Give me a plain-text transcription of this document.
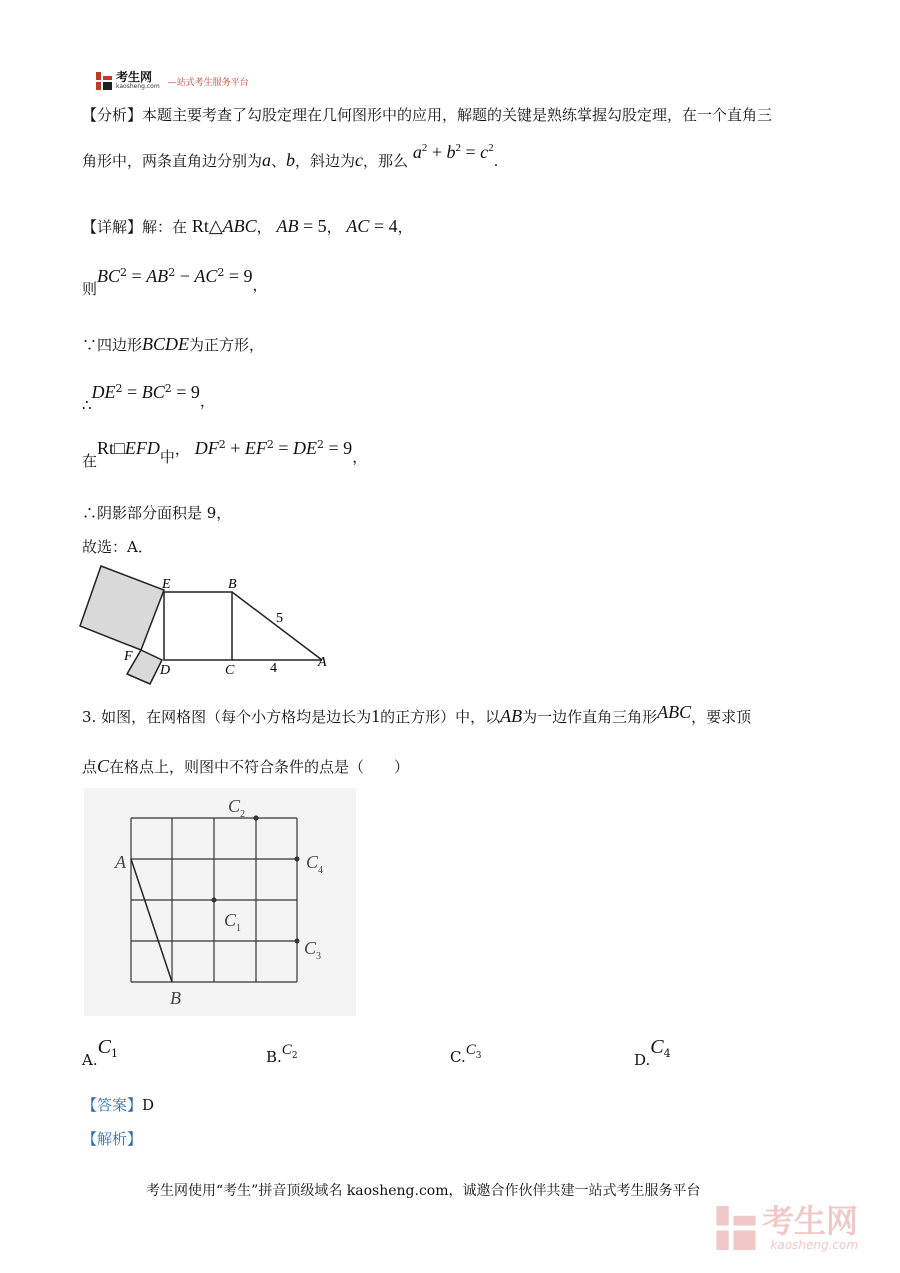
考生网
kaosheng.com —站式考生服务平台
【分析】本题主要考查了勾股定理在几何图形中的应用，解题的关键是熟练掌握勾股定理，在一个直角三
角形中，两条直角边分别为a、b，斜边为c，那么 $a^2 + b^2 = c^2$.
【详解】解：在 Rt△ABC， AB = 5， AC = 4，
则$BC^2 = AB^2 - AC^2 = 9$，
∵四边形BCDE为正方形，
$\therefore DE^2 = BC^2 = 9$，
在Rt□EFD中， $DF^2 + EF^2 = DE^2 = 9$，
∴阴影部分面积是 9，
故选：A．
E	B
F
D	C
A
5
4
3. 如图，在网格图（每个小方格均是边长为1的正方形）中，以AB为一边作直角三角形ABC，要求顶
点C在格点上，则图中不符合条件的点是（　　）
A
B
$C_1$
$C_2$
$C_3$
$C_4$
$A.C_1$	$B.C_2$	$C.C_3$	$D.C_4$
【答案】D
【解析】
考生网使用“考生”拼音顶级域名 kaosheng.com，诚邀合作伙伴共建一站式考生服务平台
考生网
kaosheng.com
